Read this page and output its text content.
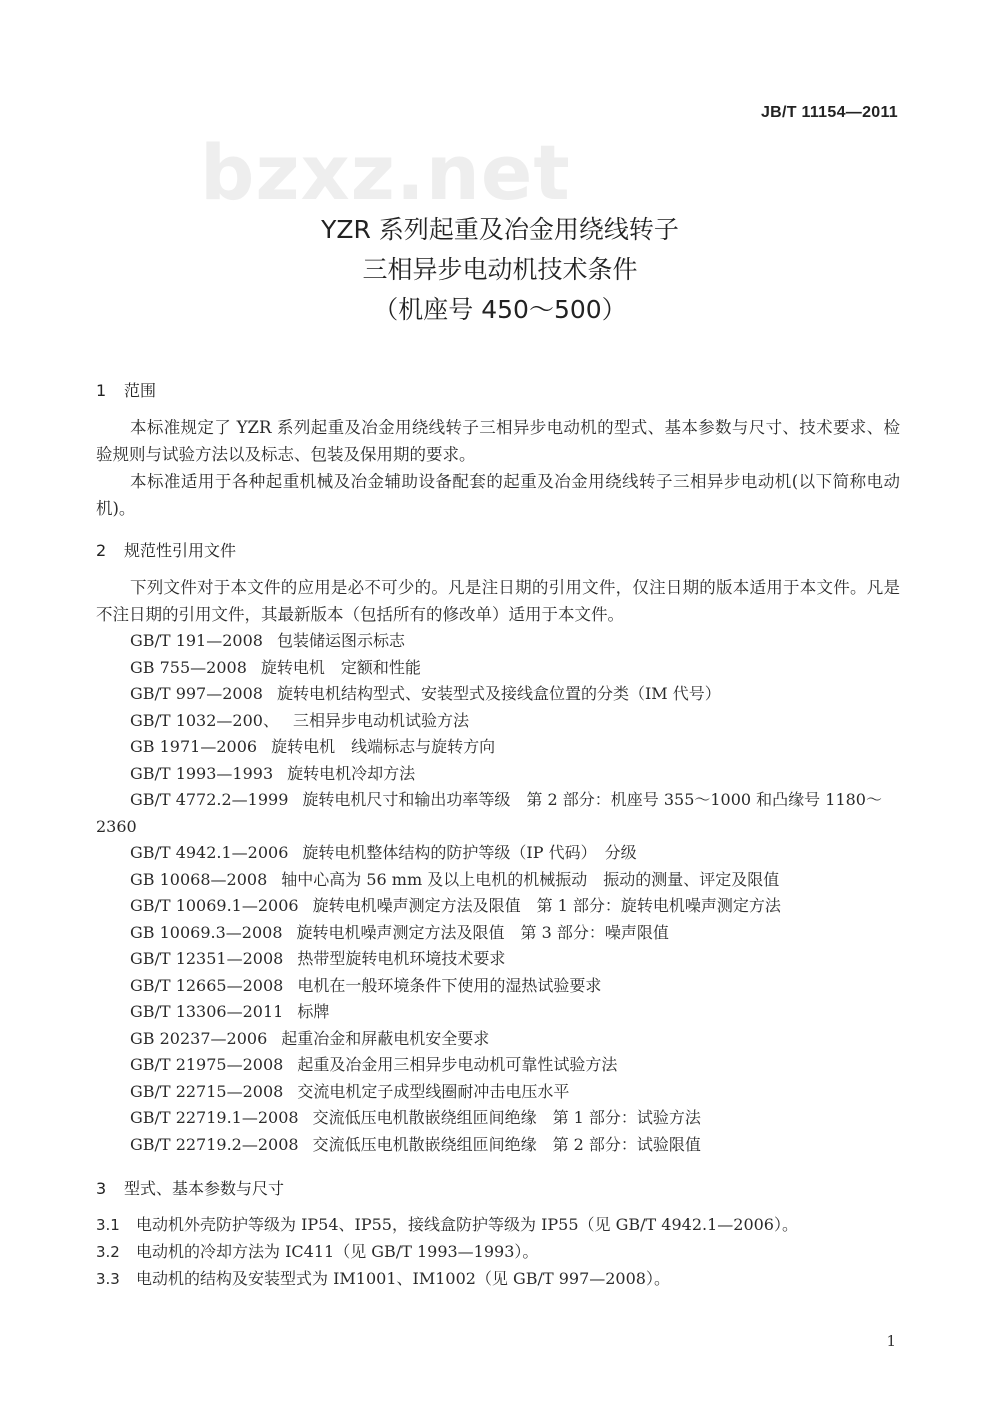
bzxz.net
JB/T 11154—2011
YZR 系列起重及冶金用绕线转子
三相异步电动机技术条件
（机座号 450～500）
1 范围

本标准规定了 YZR 系列起重及冶金用绕线转子三相异步电动机的型式、基本参数与尺寸、技术要求、检验规则与试验方法以及标志、包装及保用期的要求。

本标准适用于各种起重机械及冶金辅助设备配套的起重及冶金用绕线转子三相异步电动机(以下简称电动机)。

2 规范性引用文件

下列文件对于本文件的应用是必不可少的。凡是注日期的引用文件，仅注日期的版本适用于本文件。凡是不注日期的引用文件，其最新版本（包括所有的修改单）适用于本文件。

GB/T 191—2008 包装储运图示标志
GB 755—2008 旋转电机　定额和性能
GB/T 997—2008 旋转电机结构型式、安装型式及接线盒位置的分类（IM 代号）
GB/T 1032—200、 三相异步电动机试验方法
GB 1971—2006 旋转电机　线端标志与旋转方向
GB/T 1993—1993 旋转电机冷却方法
GB/T 4772.2—1999 旋转电机尺寸和输出功率等级　第 2 部分：机座号 355～1000 和凸缘号 1180～2360
GB/T 4942.1—2006 旋转电机整体结构的防护等级（IP 代码）　分级
GB 10068—2008 轴中心高为 56 mm 及以上电机的机械振动　振动的测量、评定及限值
GB/T 10069.1—2006 旋转电机噪声测定方法及限值　第 1 部分：旋转电机噪声测定方法
GB 10069.3—2008 旋转电机噪声测定方法及限值　第 3 部分：噪声限值
GB/T 12351—2008 热带型旋转电机环境技术要求
GB/T 12665—2008 电机在一般环境条件下使用的湿热试验要求
GB/T 13306—2011 标牌
GB 20237—2006 起重冶金和屏蔽电机安全要求
GB/T 21975—2008 起重及冶金用三相异步电动机可靠性试验方法
GB/T 22715—2008 交流电机定子成型线圈耐冲击电压水平
GB/T 22719.1—2008 交流低压电机散嵌绕组匝间绝缘　第 1 部分：试验方法
GB/T 22719.2—2008 交流低压电机散嵌绕组匝间绝缘　第 2 部分：试验限值
3 型式、基本参数与尺寸
3.1 电动机外壳防护等级为 IP54、IP55，接线盒防护等级为 IP55（见 GB/T 4942.1—2006）。
3.2 电动机的冷却方法为 IC411（见 GB/T 1993—1993）。
3.3 电动机的结构及安装型式为 IM1001、IM1002（见 GB/T 997—2008）。
1
